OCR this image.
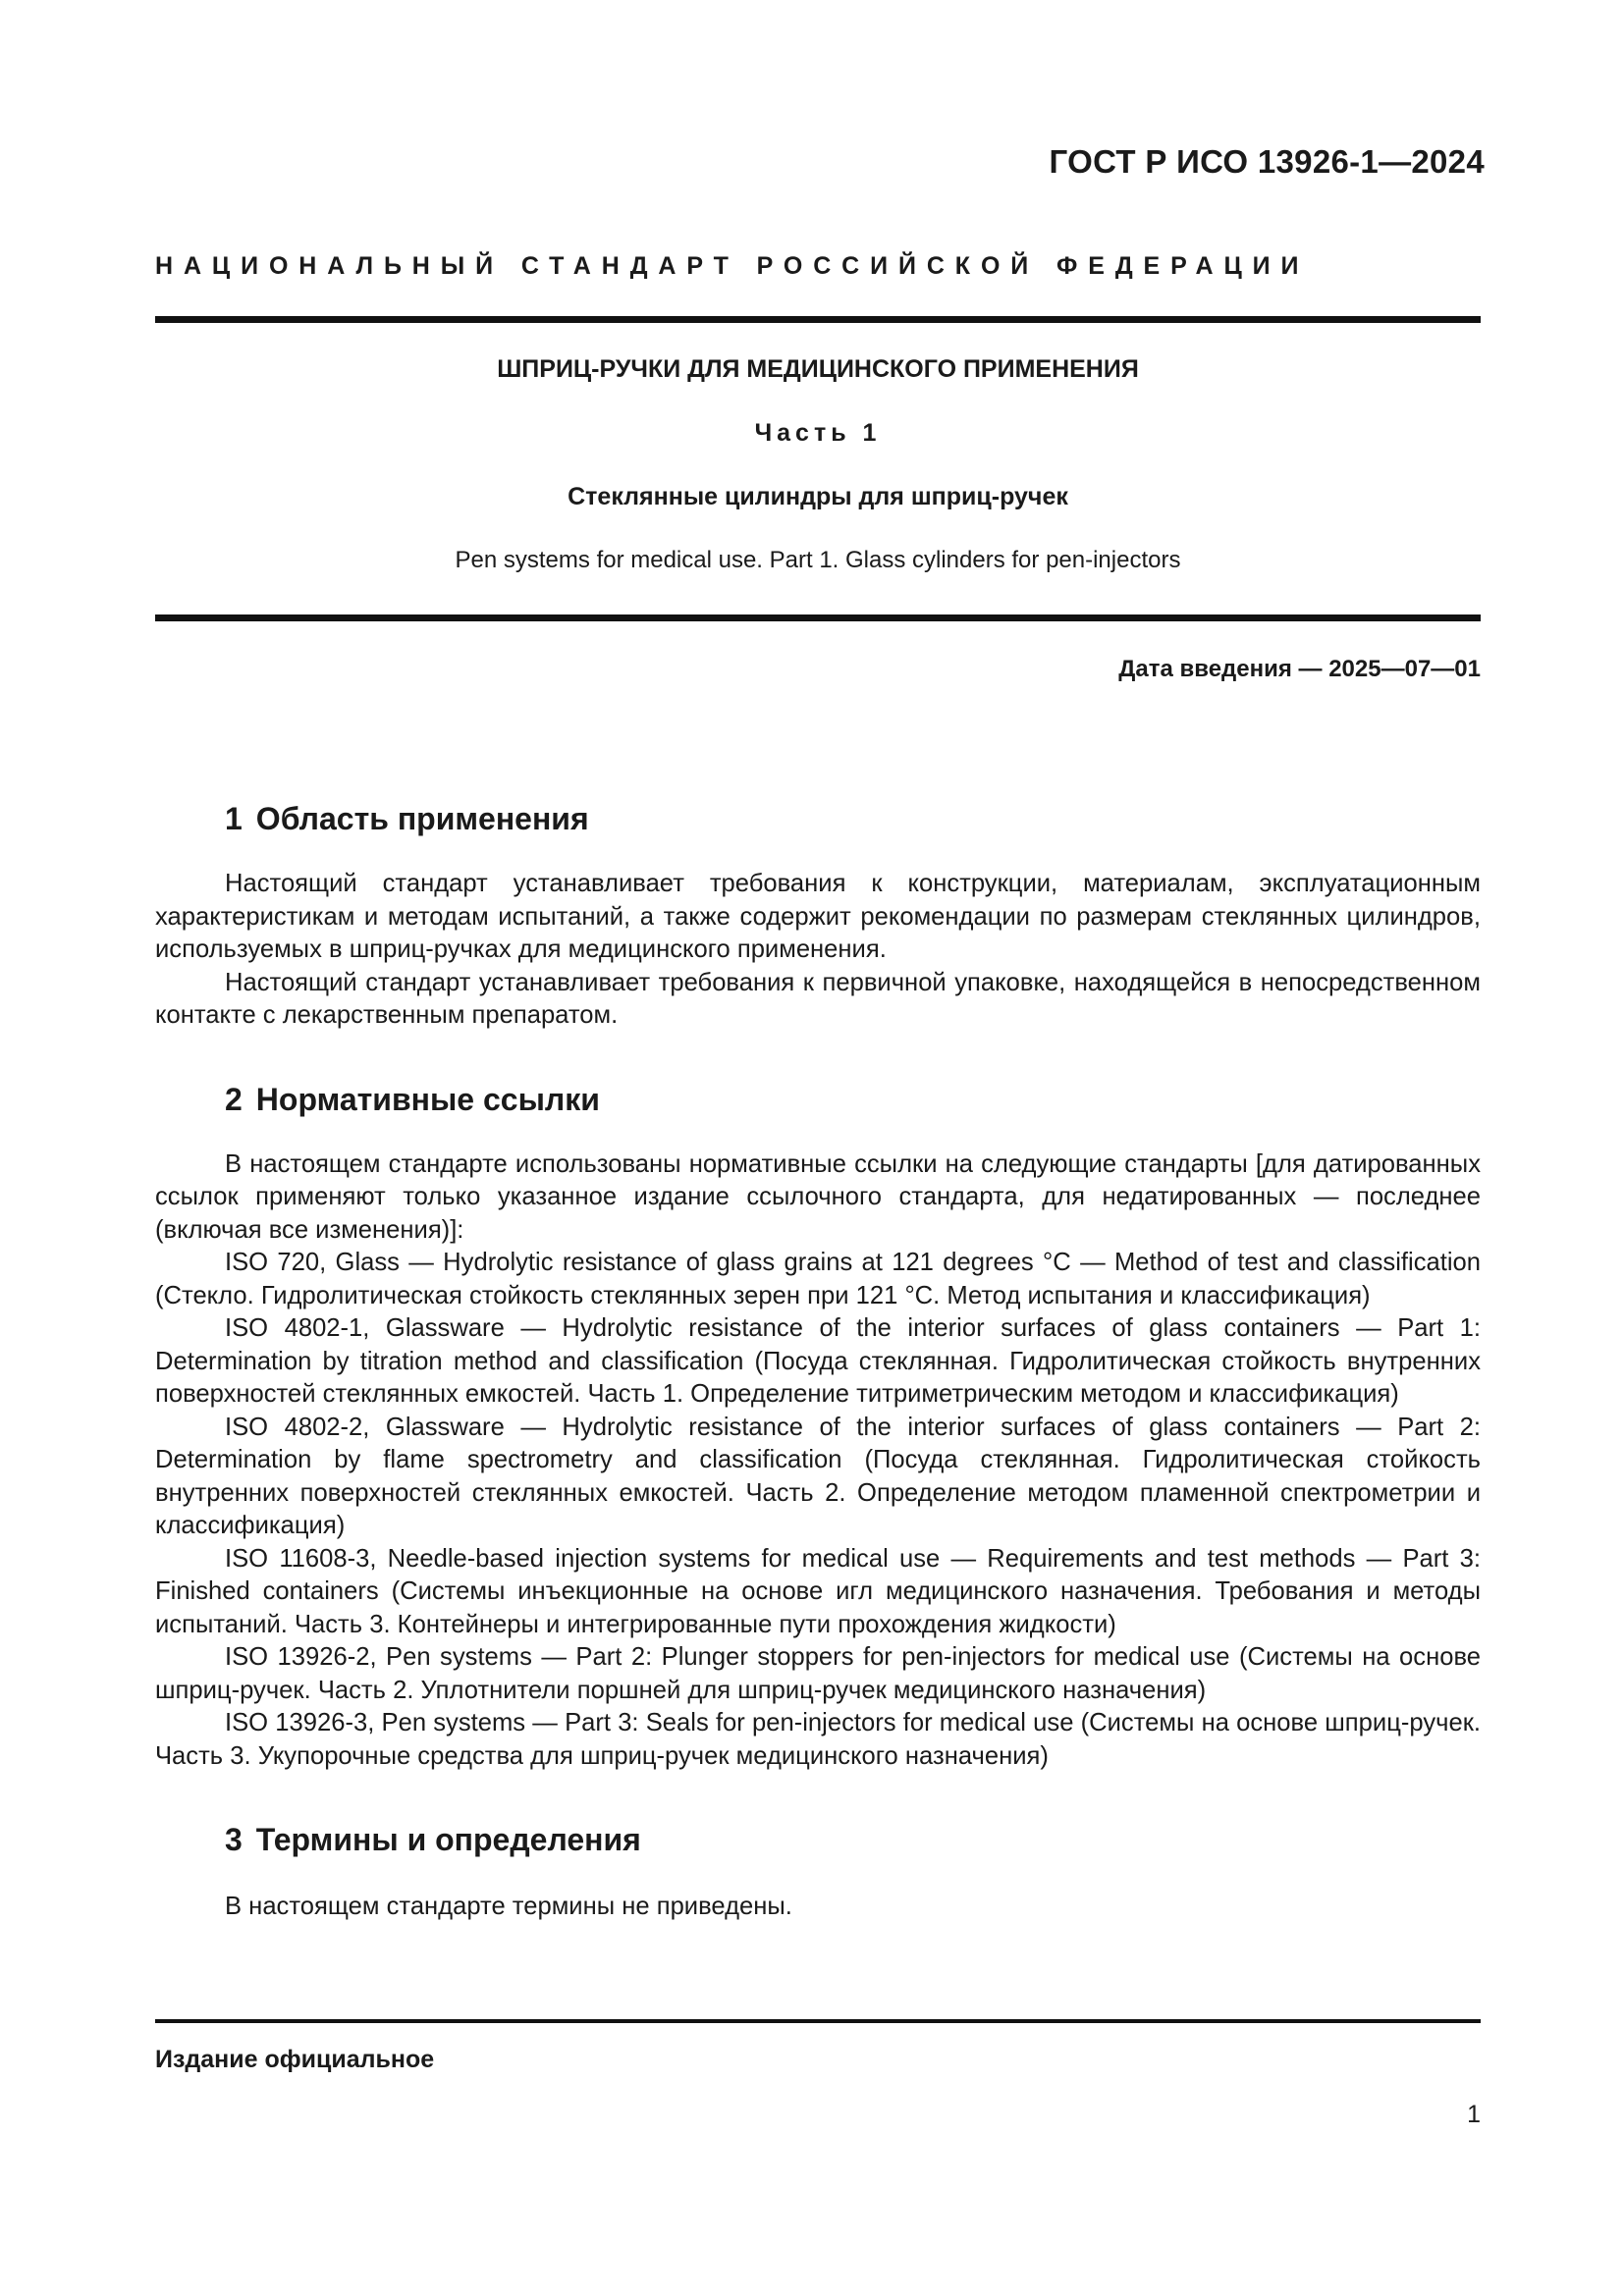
ГОСТ Р ИСО 13926-1—2024
НАЦИОНАЛЬНЫЙ СТАНДАРТ РОССИЙСКОЙ ФЕДЕРАЦИИ
ШПРИЦ-РУЧКИ ДЛЯ МЕДИЦИНСКОГО ПРИМЕНЕНИЯ
Часть 1
Стеклянные цилиндры для шприц-ручек
Pen systems for medical use. Part 1. Glass cylinders for pen-injectors
Дата введения — 2025—07—01
1 Область применения

Настоящий стандарт устанавливает требования к конструкции, материалам, эксплуатационным характеристикам и методам испытаний, а также содержит рекомендации по размерам стеклянных цилиндров, используемых в шприц-ручках для медицинского применения.

Настоящий стандарт устанавливает требования к первичной упаковке, находящейся в непосредственном контакте с лекарственным препаратом.

2 Нормативные ссылки

В настоящем стандарте использованы нормативные ссылки на следующие стандарты [для датированных ссылок применяют только указанное издание ссылочного стандарта, для недатированных — последнее (включая все изменения)]:

ISO 720, Glass — Hydrolytic resistance of glass grains at 121 degrees °C — Method of test and classification (Стекло. Гидролитическая стойкость стеклянных зерен при 121 °С. Метод испытания и классификация)

ISO 4802-1, Glassware — Hydrolytic resistance of the interior surfaces of glass containers — Part 1: Determination by titration method and classification (Посуда стеклянная. Гидролитическая стойкость внутренних поверхностей стеклянных емкостей. Часть 1. Определение титриметрическим методом и классификация)

ISO 4802-2, Glassware — Hydrolytic resistance of the interior surfaces of glass containers — Part 2: Determination by flame spectrometry and classification (Посуда стеклянная. Гидролитическая стойкость внутренних поверхностей стеклянных емкостей. Часть 2. Определение методом пламенной спектрометрии и классификация)

ISO 11608-3, Needle-based injection systems for medical use — Requirements and test methods — Part 3: Finished containers (Системы инъекционные на основе игл медицинского назначения. Требования и методы испытаний. Часть 3. Контейнеры и интегрированные пути прохождения жидкости)

ISO 13926-2, Pen systems — Part 2: Plunger stoppers for pen-injectors for medical use (Системы на основе шприц-ручек. Часть 2. Уплотнители поршней для шприц-ручек медицинского назначения)

ISO 13926-3, Pen systems — Part 3: Seals for pen-injectors for medical use (Системы на основе шприц-ручек. Часть 3. Укупорочные средства для шприц-ручек медицинского назначения)

3 Термины и определения

В настоящем стандарте термины не приведены.

Издание официальное
1
